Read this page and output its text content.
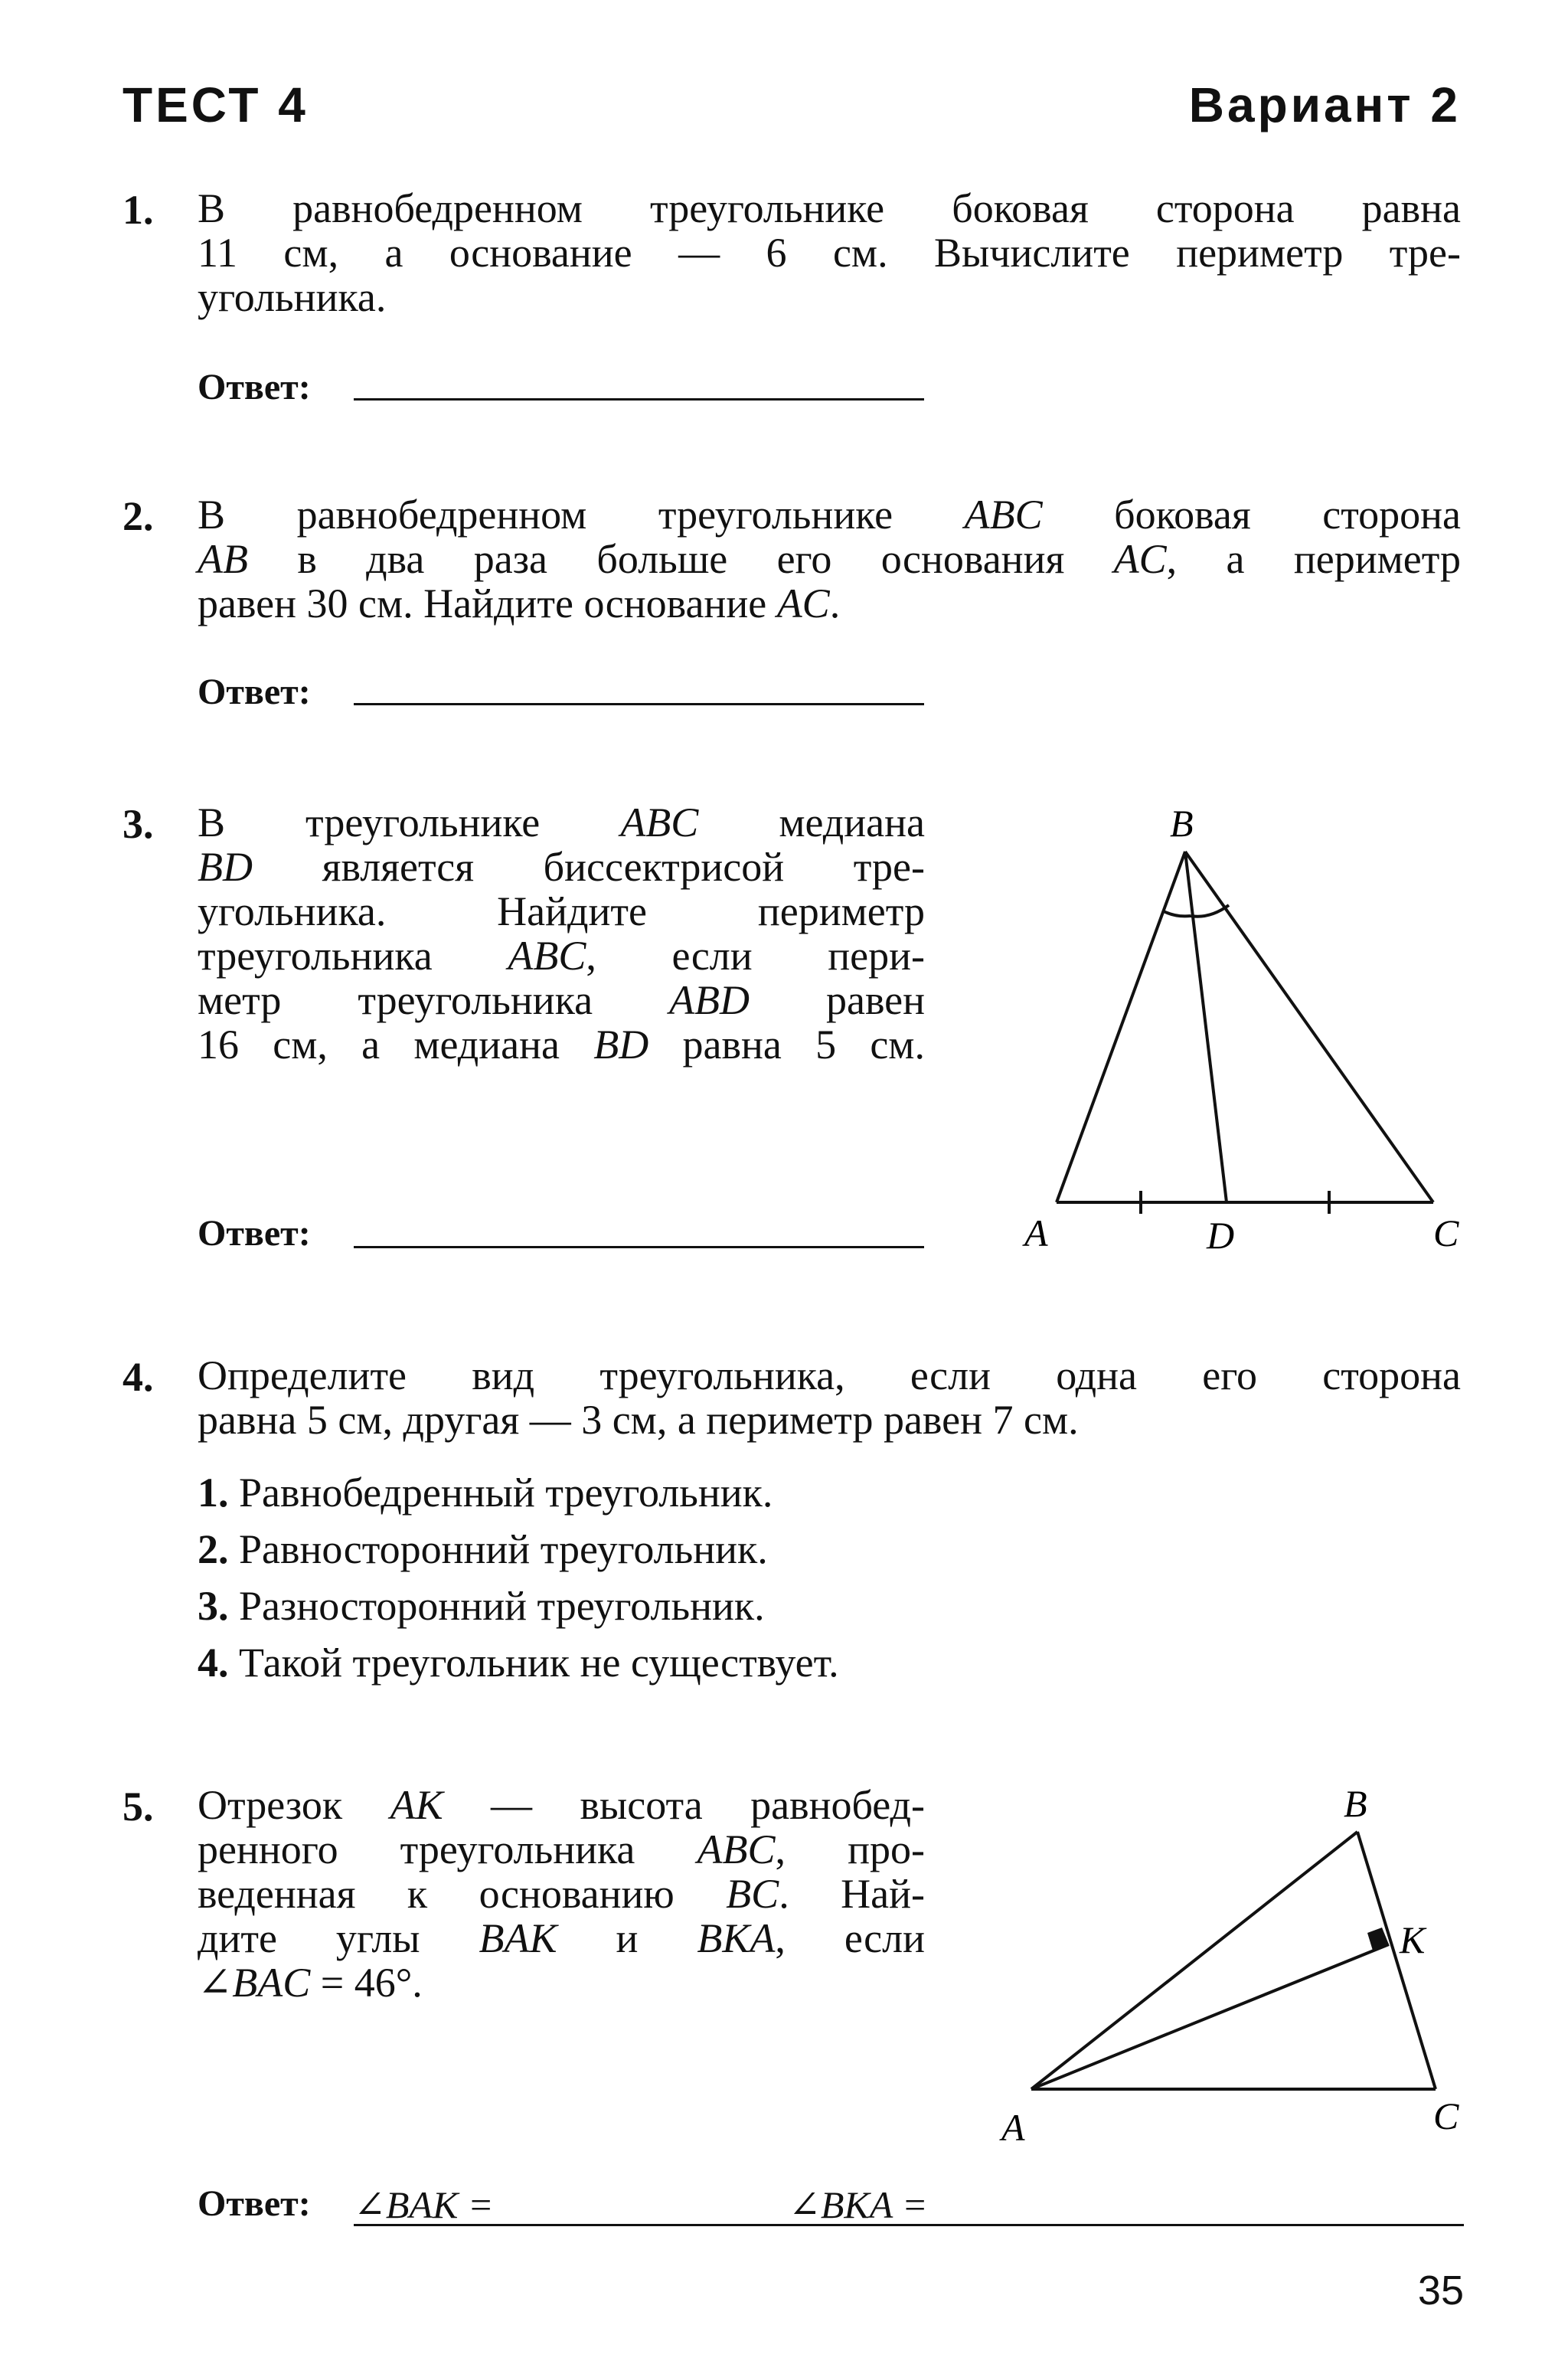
ТЕСТ 4	Вариант 2
1. В равнобедренном треугольнике боковая сторона равна
11 см, а основание — 6 см. Вычислите периметр тре-
угольника.
Ответ:
2. В равнобедренном треугольнике ABC боковая сторона
AB в два раза больше его основания AC, а периметр
равен 30 см. Найдите основание AC.
Ответ:
3. В треугольнике ABC медиана
BD является биссектрисой тре-
угольника. Найдите периметр
треугольника ABC, если пери-
метр треугольника ABD равен
16 см, а медиана BD равна 5 см.
Ответ:
B
A	D	C
4. Определите вид треугольника, если одна его сторона
равна 5 см, другая — 3 см, а периметр равен 7 см.
1. Равнобедренный треугольник.
2. Равносторонний треугольник.
3. Разносторонний треугольник.
4. Такой треугольник не существует.
5. Отрезок AK — высота равнобед-
ренного треугольника ABC, про-
веденная к основанию BC. Най-
дите углы BAK и BKA, если
∠BAC = 46°.
B
K
A	C
Ответ: ∠BAK =	∠BKA =
35
